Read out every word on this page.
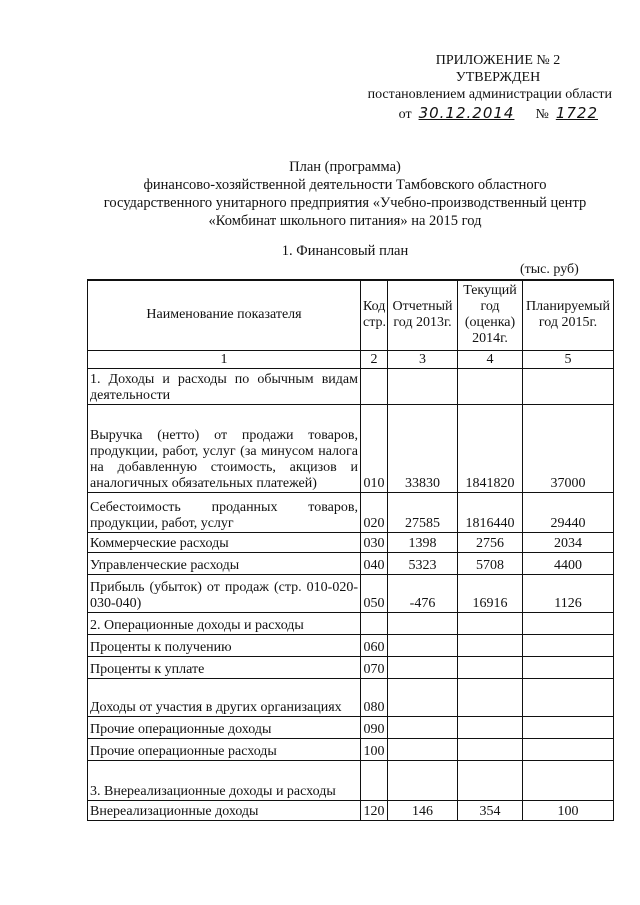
ПРИЛОЖЕНИЕ № 2
УТВЕРЖДЕН
постановлением администрации области
от 30.12.2014 № 1722
План (программа)
финансово-хозяйственной деятельности Тамбовского областного
государственного унитарного предприятия «Учебно-производственный центр
«Комбинат школьного питания» на 2015 год
1. Финансовый план
(тыс. руб)
Наименование показателя	Код стр.	Отчетный год 2013г.	Текущий год (оценка) 2014г.	Планируемый год 2015г.
1	2	3	4	5
1. Доходы и расходы по обычным видам деятельности				
Выручка (нетто) от продажи товаров, продукции, работ, услуг (за минусом налога на добавленную стоимость, акцизов и аналогичных обязательных платежей)	010	33830	1841820	37000
Себестоимость проданных товаров, продукции, работ, услуг	020	27585	1816440	29440
Коммерческие расходы	030	1398	2756	2034
Управленческие расходы	040	5323	5708	4400
Прибыль (убыток) от продаж (стр. 010-020-030-040)	050	-476	16916	1126
2. Операционные доходы и расходы				
Проценты к получению	060			
Проценты к уплате	070			
Доходы от участия в других организациях	080			
Прочие операционные доходы	090			
Прочие операционные расходы	100			
3. Внереализационные доходы и расходы				
Внереализационные доходы	120	146	354	100
